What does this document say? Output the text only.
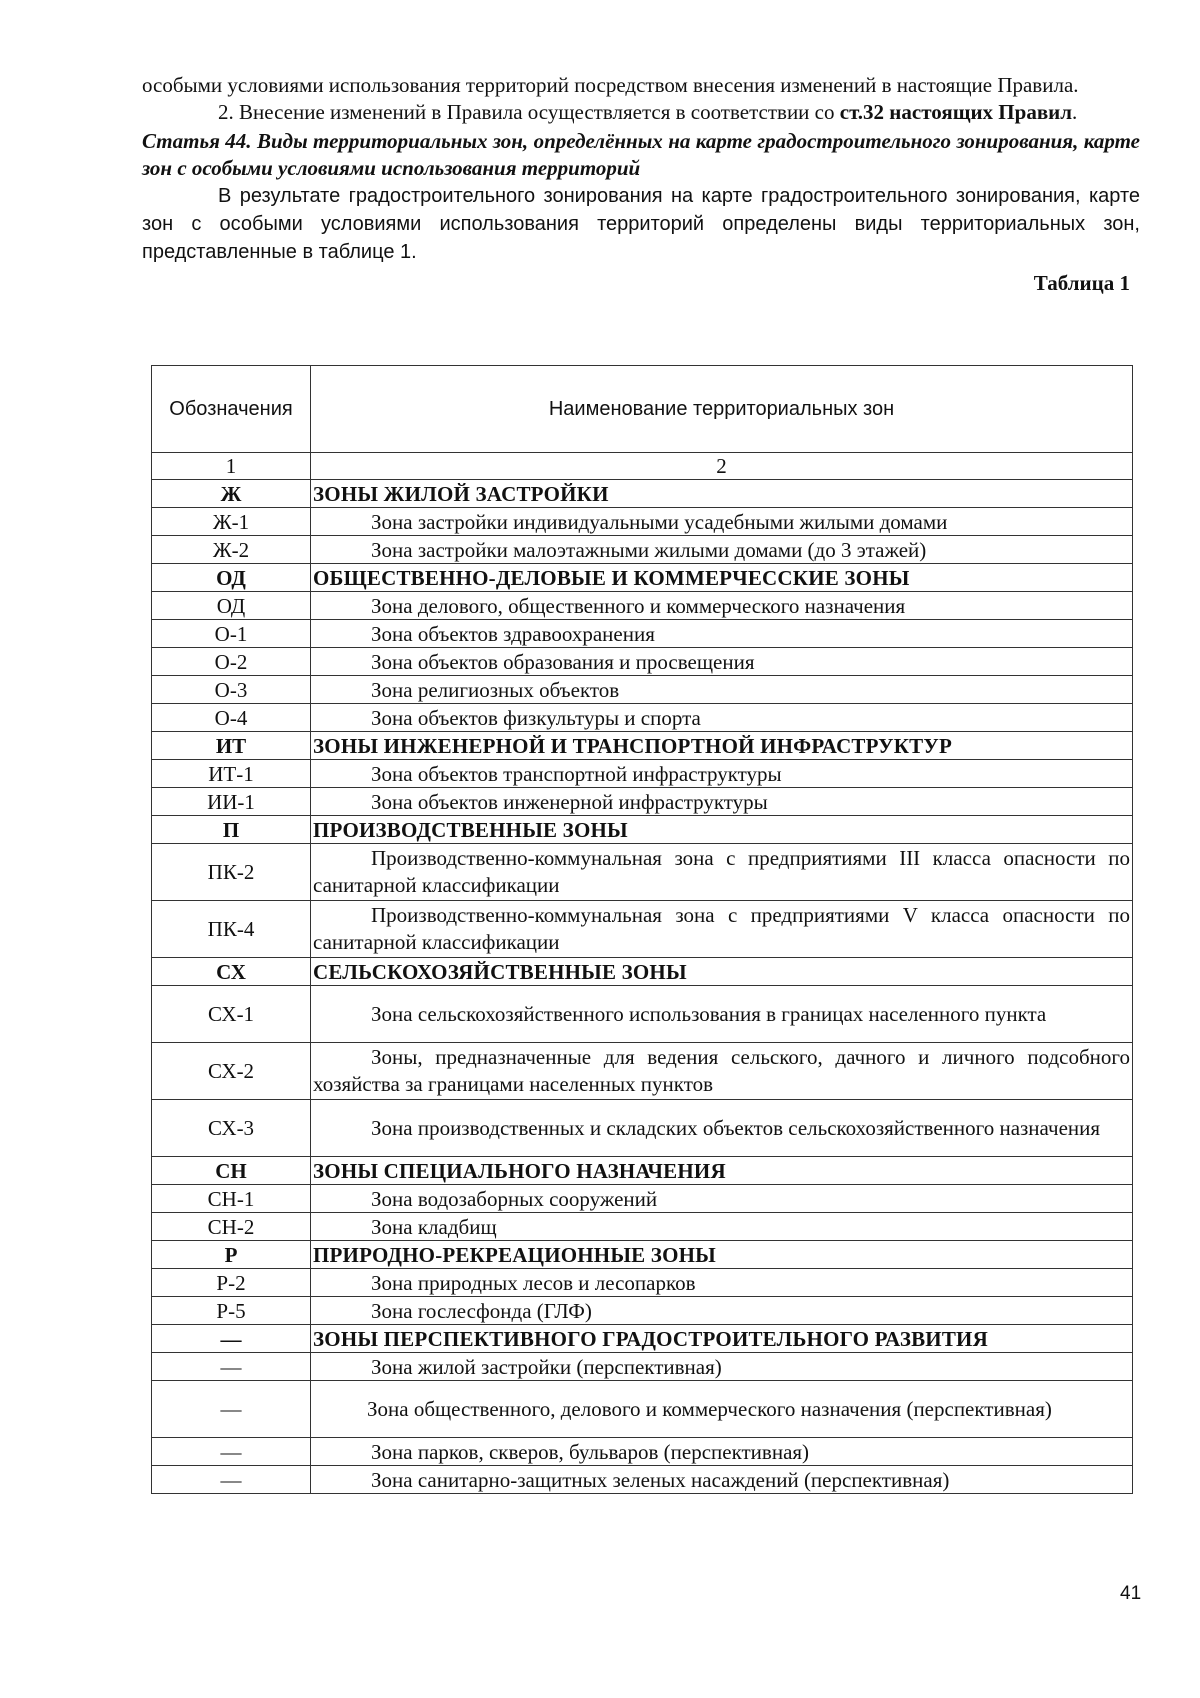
особыми условиями использования территорий посредством внесения изменений в настоящие Правила.

2. Внесение изменений в Правила осуществляется в соответствии со ст.32 настоящих Правил.

Статья 44. Виды территориальных зон, определённых на карте градостроительного зонирования, карте зон с особыми условиями использования территорий

В результате градостроительного зонирования на карте градостроительного зонирования, карте зон с особыми условиями использования территорий определены виды территориальных зон, представленные в таблице 1.

Таблица 1
Обозначения	Наименование территориальных зон
1	2
Ж	ЗОНЫ ЖИЛОЙ ЗАСТРОЙКИ
Ж-1	Зона застройки индивидуальными усадебными жилыми домами
Ж-2	Зона застройки малоэтажными жилыми домами (до 3 этажей)
ОД	ОБЩЕСТВЕННО-ДЕЛОВЫЕ И КОММЕРЧЕССКИЕ ЗОНЫ
ОД	Зона делового, общественного и коммерческого назначения
О-1	Зона объектов здравоохранения
О-2	Зона объектов образования и просвещения
О-3	Зона религиозных объектов
О-4	Зона объектов физкультуры и спорта
ИТ	ЗОНЫ ИНЖЕНЕРНОЙ И ТРАНСПОРТНОЙ ИНФРАСТРУКТУР
ИТ-1	Зона объектов транспортной инфраструктуры
ИИ-1	Зона объектов инженерной инфраструктуры
П	ПРОИЗВОДСТВЕННЫЕ ЗОНЫ
ПК-2	Производственно-коммунальная зона с предприятиями III класса опасности по санитарной классификации
ПК-4	Производственно-коммунальная зона с предприятиями V класса опасности по санитарной классификации
СХ	СЕЛЬСКОХОЗЯЙСТВЕННЫЕ ЗОНЫ
СХ-1	Зона сельскохозяйственного использования в границах населенного пункта
СХ-2	Зоны, предназначенные для ведения сельского, дачного и личного подсобного хозяйства за границами населенных пунктов
СХ-3	Зона производственных и складских объектов сельскохозяйственного назначения
СН	ЗОНЫ СПЕЦИАЛЬНОГО НАЗНАЧЕНИЯ
СН-1	Зона водозаборных сооружений
СН-2	Зона кладбищ
Р	ПРИРОДНО-РЕКРЕАЦИОННЫЕ ЗОНЫ
Р-2	Зона природных лесов и лесопарков
Р-5	Зона гослесфонда (ГЛФ)
—	ЗОНЫ ПЕРСПЕКТИВНОГО ГРАДОСТРОИТЕЛЬНОГО РАЗВИТИЯ
—	Зона жилой застройки (перспективная)
—	Зона общественного, делового и коммерческого назначения (перспективная)
—	Зона парков, скверов, бульваров (перспективная)
—	Зона санитарно-защитных зеленых насаждений (перспективная)
41
